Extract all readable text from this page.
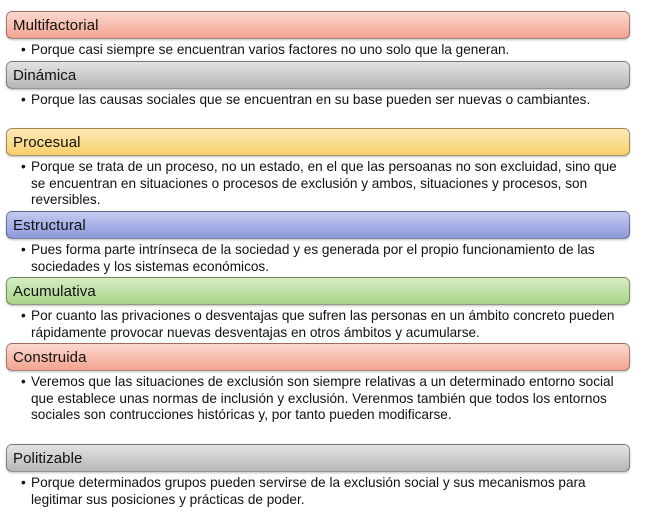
Multifactorial
• Porque casi siempre se encuentran varios factores no uno solo que la generan.
Dinámica
• Porque las causas sociales que se encuentran en su base pueden ser nuevas o cambiantes.
Procesual
• Porque se trata de un proceso, no un estado, en el que las persoanas no son excluidad, sino que se encuentran en situaciones o procesos de exclusión y ambos, situaciones y procesos, son reversibles.
Estructural
• Pues forma parte intrínseca de la sociedad y es generada por el propio funcionamiento de las sociedades y los sistemas económicos.
Acumulativa
• Por cuanto las privaciones o desventajas que sufren las personas en un ámbito concreto pueden rápidamente provocar nuevas desventajas en otros ámbitos y acumularse.
Construida
• Veremos que las situaciones de exclusión son siempre relativas a un determinado entorno social que establece unas normas de inclusión y exclusión. Verenmos también que todos los entornos sociales son contrucciones históricas y, por tanto pueden modificarse.
Politizable
• Porque determinados grupos pueden servirse de la exclusión social y sus mecanismos para legitimar sus posiciones y prácticas de poder.
